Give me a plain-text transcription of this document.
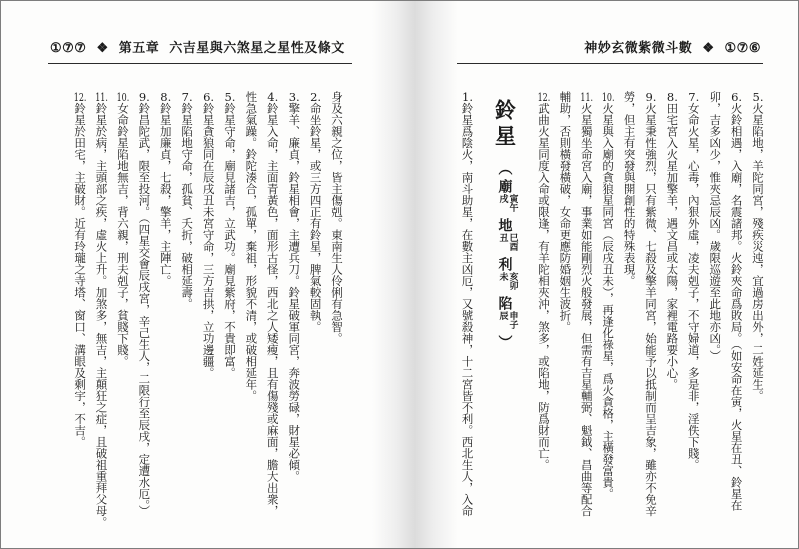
①⑦⑦ ❖ 第五章 六吉星與六煞星之星性及條文	神妙玄微紫微斗數 ❖ ①⑦⑥

身及六親之位，皆主傷剋。東南生人伶俐有急智。

2.命坐鈴星，或三方四正有鈴星，脾氣較固執。

3.擎羊、廉貞，鈴星相會，主遭兵刀。鈴星破軍同宮，奔波勞碌，財星必傾。

4.鈴星入命，主面青黃色，面形古怪，西北之人矮瘦，且有傷殘或麻面，膽大出衆，

性急氣躁。鈴陀湊合，孤單，棄祖，形貌不清，或破相延年。

5.鈴星守命，廟見諸吉，立武功。廟見紫府，不貴即富。

6.鈴星貪狼同在辰戌丑未宮守命，三方吉拱，立功邊疆。

7.鈴星陷地守命，孤貧、夭折，破相延壽。

8.鈴星加廉貞，七殺，擎羊，主陣亡。

9.鈴昌陀武，限至投河。（四星交會辰戌宮，辛己生人，二限行至辰戌，定遭水厄。）

10.女命鈴星陷地無吉，背六親，刑夫剋子，貧賤下賤。

11.鈴星於病，主頭部之疾，虛火上升。加煞多，無吉，主顛狂之症，且破祖重拜父母。

12.鈴星於田宅，主破財。近有玲瓏之寺塔、窗口、溝眼及剩宇，不吉。

5.火星陷地，羊陀同宮，殘疾災迍，宜過房出外，二姓延生。

6.火鈴相遇，入廟，名震諸邦。火鈴夾命爲敗局。（如安命在寅，火星在丑、鈴星在

卯，吉多凶少，惟夾忌辰凶。歲限巡遊至此地亦凶。）

7.女命火星，心毒，內狠外虛，凌夫剋子，不守婦道，多是非，淫佚下賤。

8.田宅宮入火星加擎羊，遇文昌或太陽，家裡電路要小心。

9.火星秉性強烈，只有紫微、七殺及擎羊同宮，始能予以抵制而呈吉象，雖亦不免辛

勞，但主有突發與開創性的特殊表現。

10.火星與入廟的貪狼星同宮（辰戌丑未），再逢化祿星，爲火貪格，主橫發富貴。

11.火星獨坐命宮入廟，事業如能剛烈火般發展，但需有吉星輔弼、魁鉞、昌曲等配合

輔助，否則橫發橫破，女命更應防婚姻生波折。

12.武曲火星同度入命或限逢，有羊陀相夾沖，煞多，或陷地，防爲財而亡。

鈴星 （ 廟寅午戌 地巳酉丑 利亥卯未 陷申子辰 ）

1.鈴星爲陰火，南斗助星，在數主凶厄，又號殺神，十二宮皆不利。西北生人，入命
